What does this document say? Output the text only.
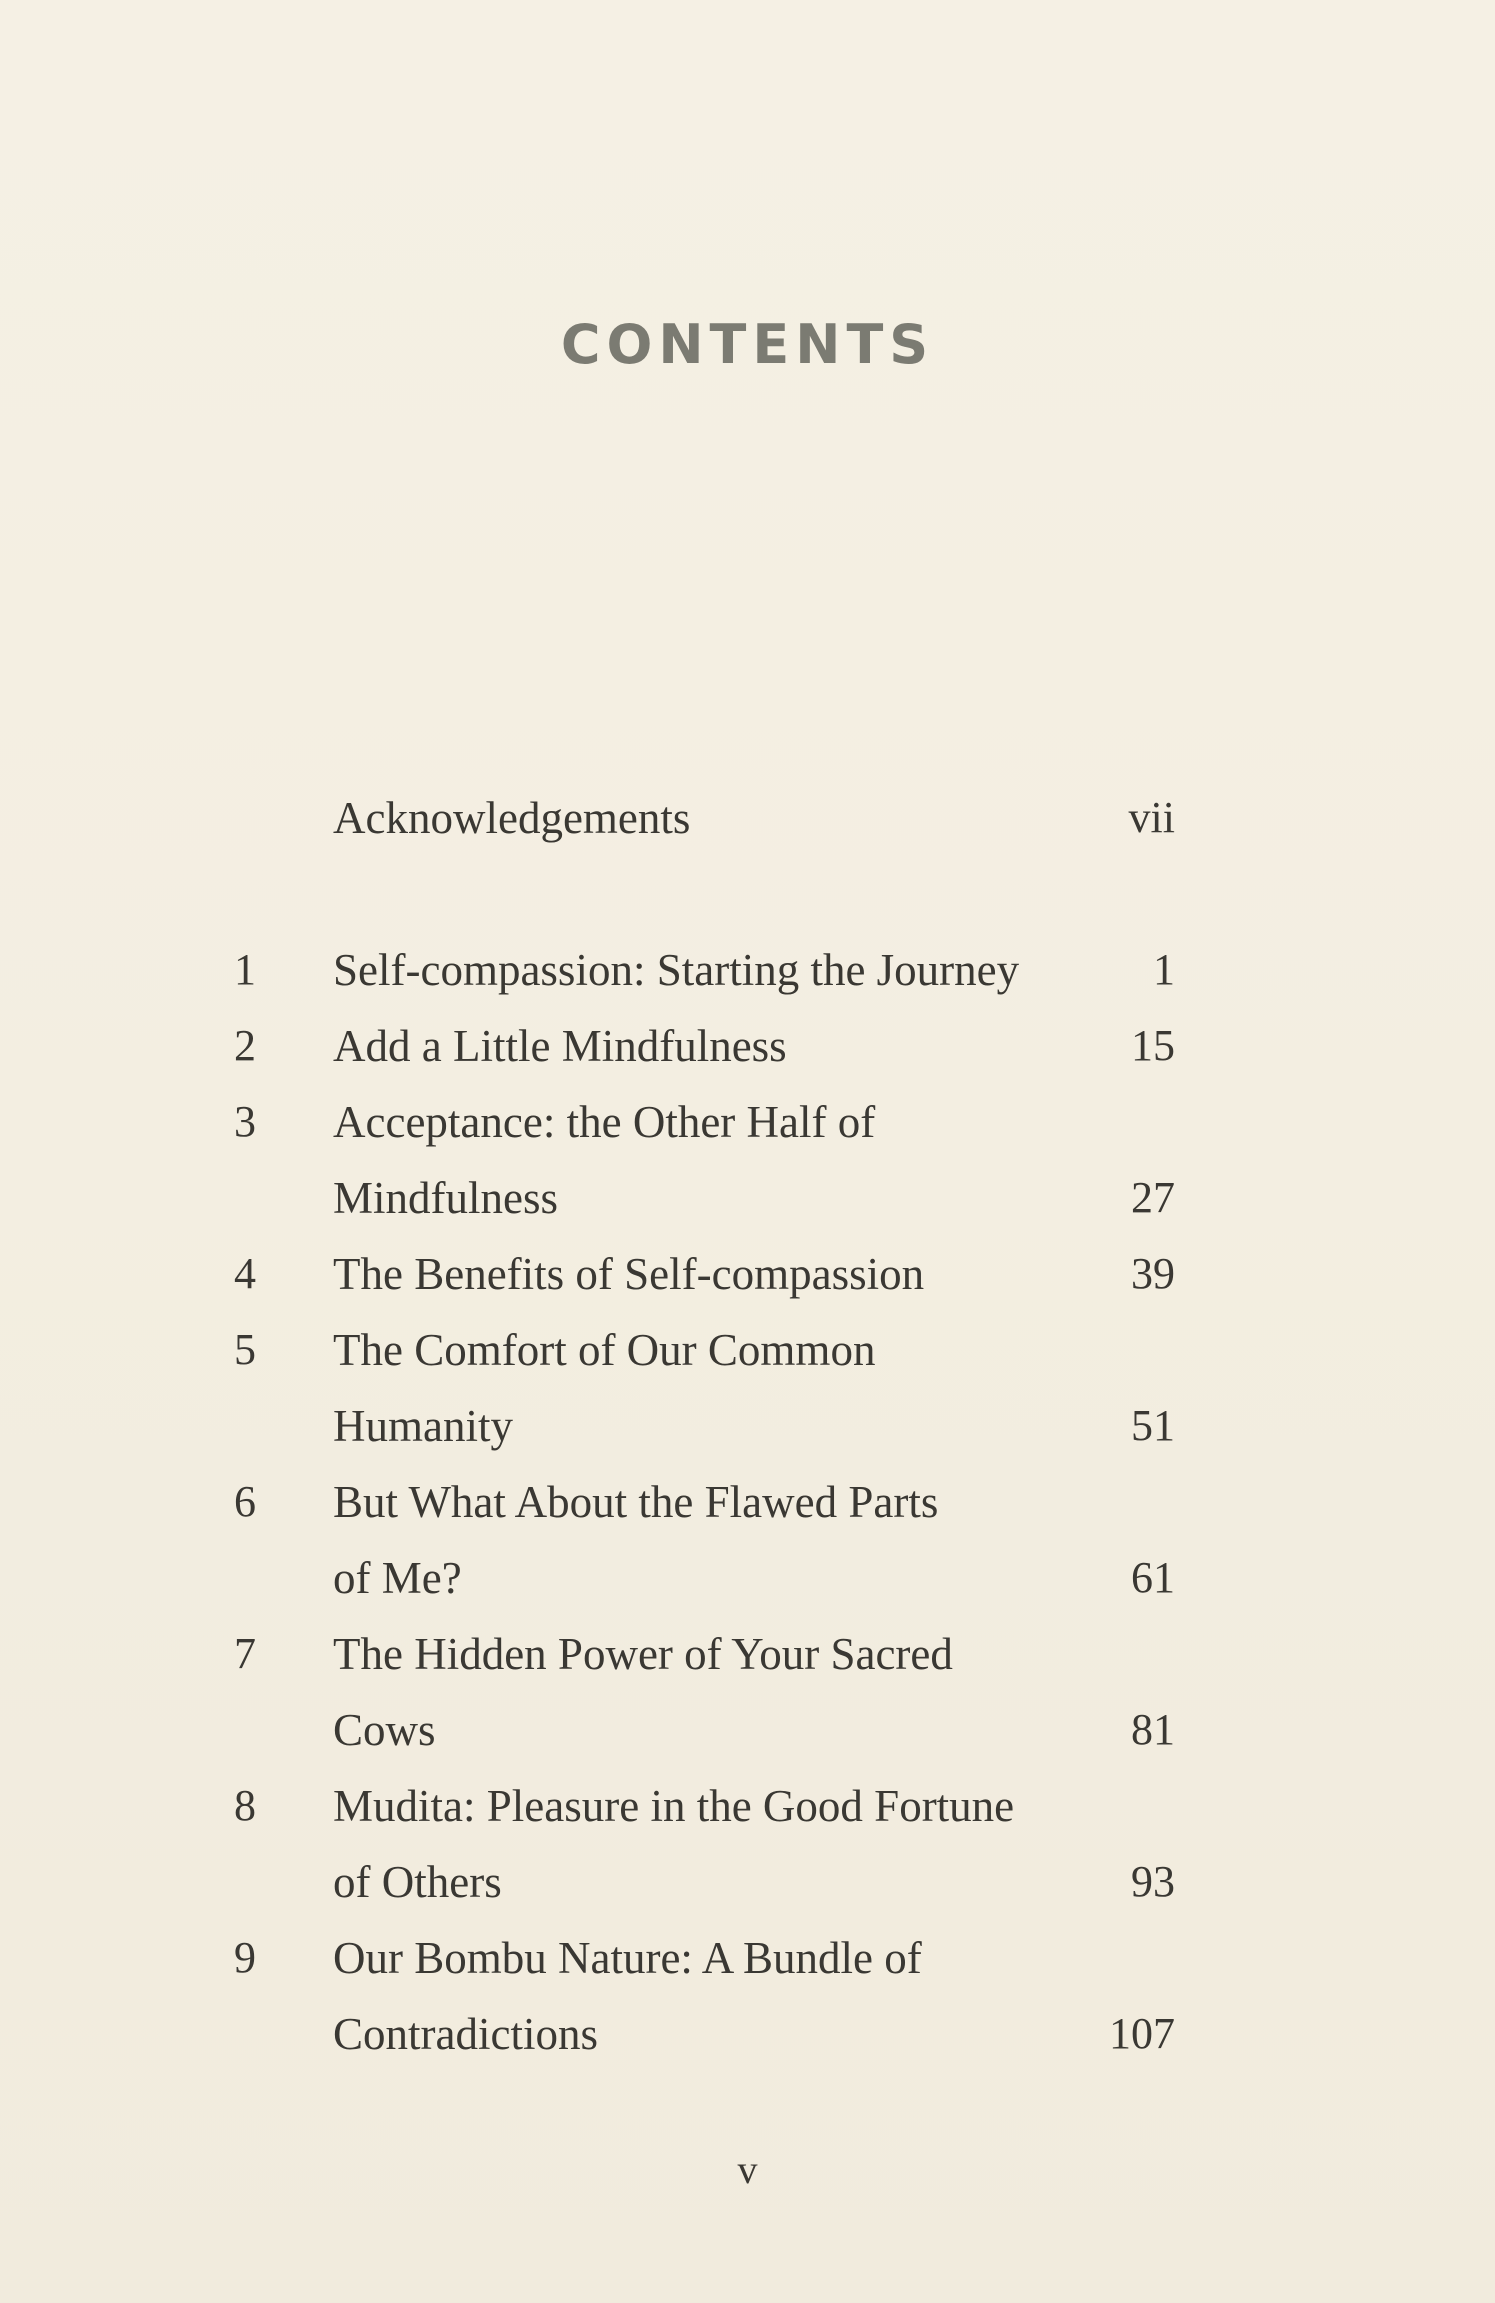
CONTENTS
Acknowledgements	vii
1	Self-compassion: Starting the Journey	1
2	Add a Little Mindfulness	15
3	Acceptance: the Other Half of
Mindfulness	27
4	The Benefits of Self-compassion	39
5	The Comfort of Our Common
Humanity	51
6	But What About the Flawed Parts
of Me?	61
7	The Hidden Power of Your Sacred
Cows	81
8	Mudita: Pleasure in the Good Fortune
of Others	93
9	Our Bombu Nature: A Bundle of
Contradictions	107
v
